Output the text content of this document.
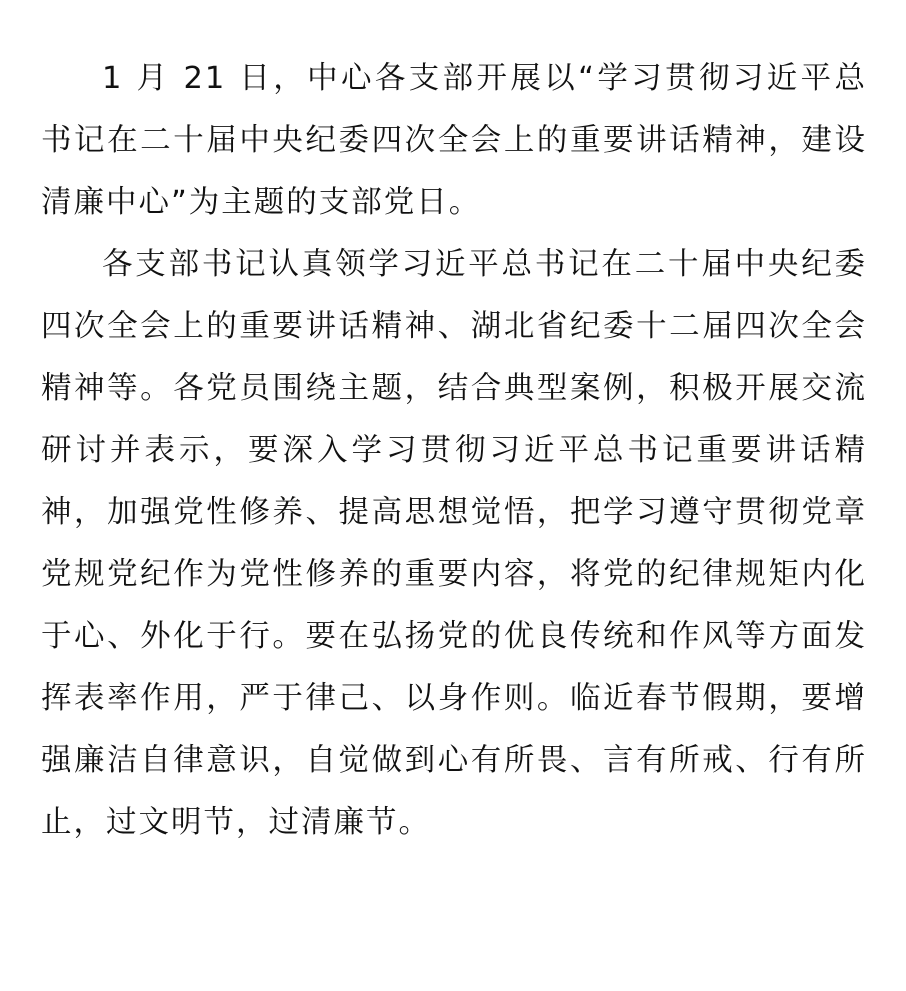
1 月 21 日，中心各支部开展以“学习贯彻习近平总书记在二十届中央纪委四次全会上的重要讲话精神，建设清廉中心”为主题的支部党日。

各支部书记认真领学习近平总书记在二十届中央纪委四次全会上的重要讲话精神、湖北省纪委十二届四次全会精神等。各党员围绕主题，结合典型案例，积极开展交流研讨并表示，要深入学习贯彻习近平总书记重要讲话精神，加强党性修养、提高思想觉悟，把学习遵守贯彻党章党规党纪作为党性修养的重要内容，将党的纪律规矩内化于心、外化于行。要在弘扬党的优良传统和作风等方面发挥表率作用，严于律己、以身作则。临近春节假期，要增强廉洁自律意识，自觉做到心有所畏、言有所戒、行有所止，过文明节，过清廉节。
